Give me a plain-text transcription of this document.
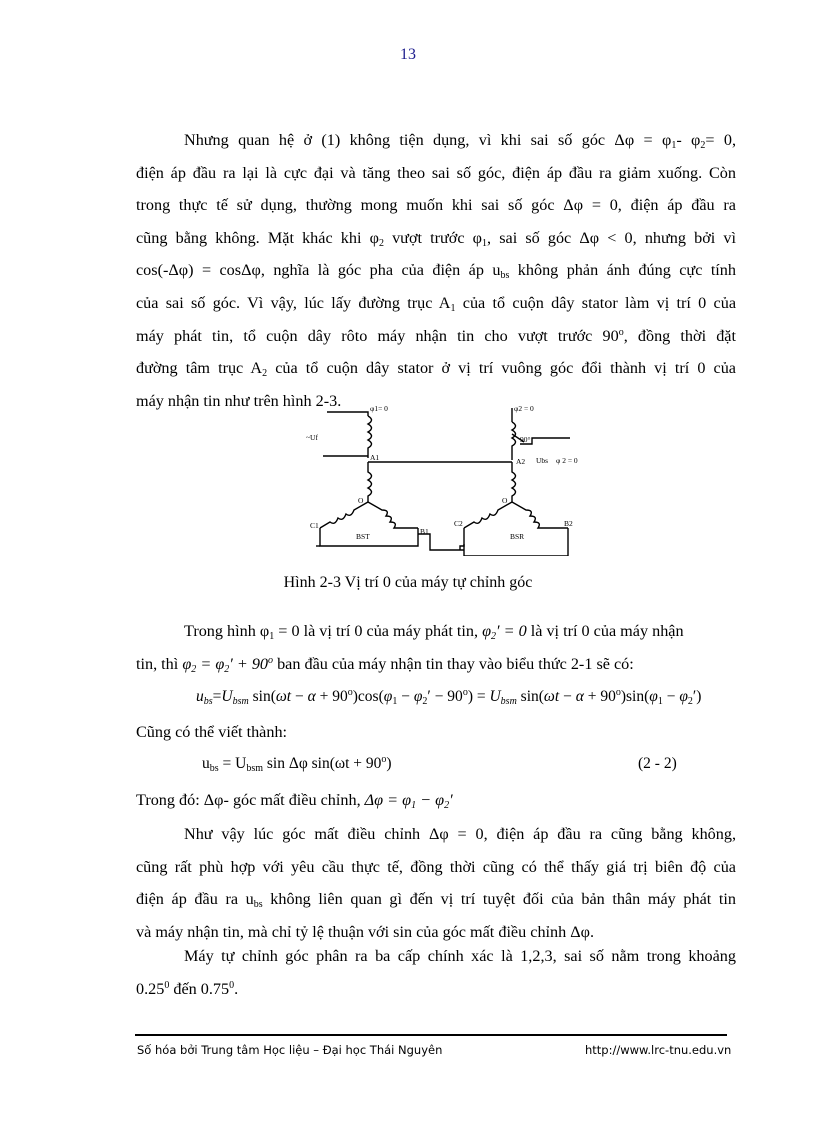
13
Nhưng quan hệ ở (1) không tiện dụng, vì khi sai số góc $\Delta\varphi = \varphi_1-$ $\varphi_2= 0$,
điện áp đầu ra lại là cực đại và tăng theo sai số góc, điện áp đầu ra giảm xuống. Còn
trong thực tế sử dụng, thường mong muốn khi sai số góc Δφ = 0, điện áp đầu ra
cũng bằng không. Mặt khác khi $\varphi_2$ vượt trước $\varphi_1$, sai số góc Δφ < 0, nhưng bởi vì
cos(-Δφ) = cosΔφ, nghĩa là góc pha của điện áp $u_{bs}$ không phản ánh đúng cực tính
của sai số góc. Vì vậy, lúc lấy đường trục $A_1$ của tổ cuộn dây stator làm vị trí 0 của
máy phát tin, tổ cuộn dây rôto máy nhận tin cho vượt trước 90$^o$, đồng thời đặt
đường tâm trục $A_2$ của tổ cuộn dây stator ở vị trí vuông góc đổi thành vị trí 0 của
máy nhận tin như trên hình 2-3.	φ1= 0	φ2 = 0
~Uf
A1	A2
90°
Ubs φ 2 = 0
O	O
C1
B1
C2	B2
BST	BSR
Hình 2-3 Vị trí 0 của máy tự chỉnh góc
Trong hình $\varphi_1 = 0$ là vị trí 0 của máy phát tin, $\varphi_2' = 0$ là vị trí 0 của máy nhận
tin, thì $\varphi_2 = \varphi_2' + 90^o$ ban đầu của máy nhận tin thay vào biểu thức 2-1 sẽ có:
$u_{bs}=U_{bsm}$ $\sin(\omega t - \alpha + 90^o)\cos(\varphi_1 - \varphi_2' - 90^o) = U_{bsm}$ $\sin(\omega t - \alpha + 90^o)\sin(\varphi_1 - \varphi_2')$
Cũng có thể viết thành:
$u_{bs} = U_{bsm}$ sin Δφ $\sin(\omega t + 90^o)$	(2 - 2)
Trong đó: Δφ- góc mất điều chỉnh, $\Delta\varphi = \varphi_1 - \varphi_2'$
Như vậy lúc góc mất điều chỉnh Δφ = 0, điện áp đầu ra cũng bằng không,
cũng rất phù hợp với yêu cầu thực tế, đồng thời cũng có thể thấy giá trị biên độ của
điện áp đầu ra $u_{bs}$ không liên quan gì đến vị trí tuyệt đối của bản thân máy phát tin
và máy nhận tin, mà chỉ tỷ lệ thuận với sin của góc mất điều chỉnh Δφ.
Máy tự chỉnh góc phân ra ba cấp chính xác là 1,2,3, sai số nằm trong khoảng
0.25$^0$ đến 0.75$^0$.
Số hóa bởi Trung tâm Học liệu – Đại học Thái Nguyên	http://www.lrc-tnu.edu.vn
